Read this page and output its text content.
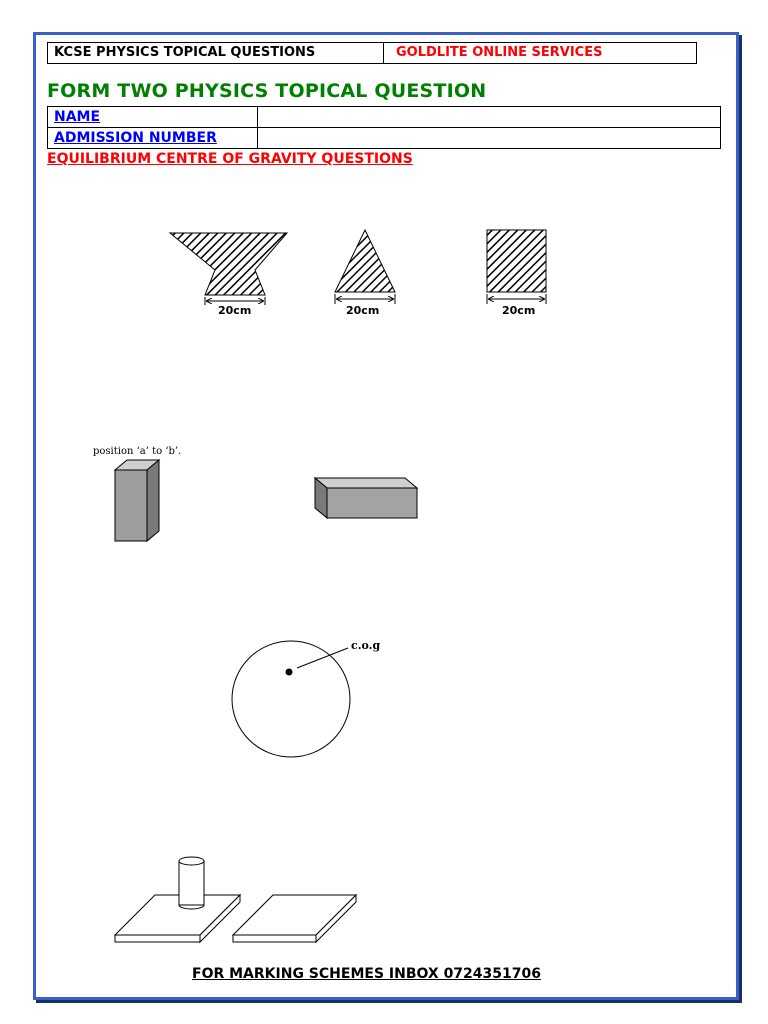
KCSE PHYSICS TOPICAL QUESTIONS	GOLDLITE ONLINE SERVICES
FORM TWO PHYSICS TOPICAL QUESTION
NAME	
ADMISSION NUMBER	
EQUILIBRIUM CENTRE OF GRAVITY QUESTIONS
20cm	20cm	20cm
position ‘a’ to ‘b’.
c.o.g
FOR MARKING SCHEMES INBOX 0724351706
